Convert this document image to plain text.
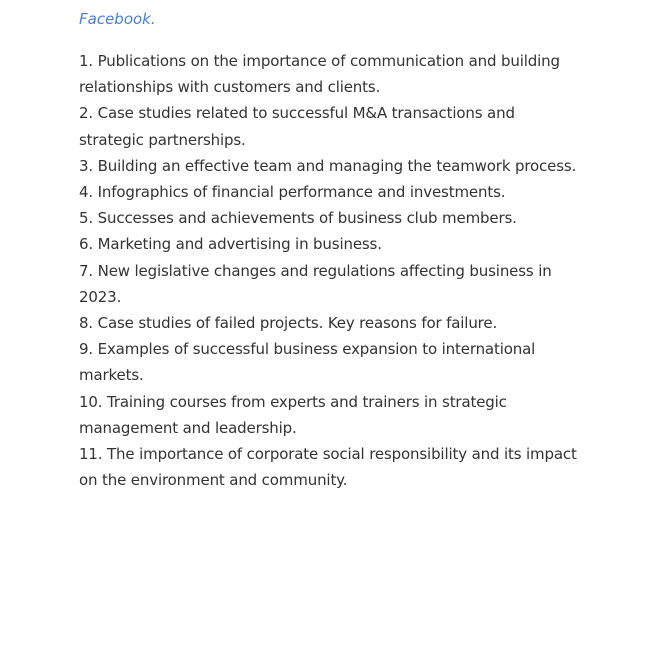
Facebook.
1. Publications on the importance of communication and building relationships with customers and clients.
2. Case studies related to successful M&A transactions and strategic partnerships.
3. Building an effective team and managing the teamwork process.
4. Infographics of financial performance and investments.
5. Successes and achievements of business club members.
6. Marketing and advertising in business.
7. New legislative changes and regulations affecting business in 2023.
8. Case studies of failed projects. Key reasons for failure.
9. Examples of successful business expansion to international markets.
10. Training courses from experts and trainers in strategic management and leadership.
11. The importance of corporate social responsibility and its impact on the environment and community.
